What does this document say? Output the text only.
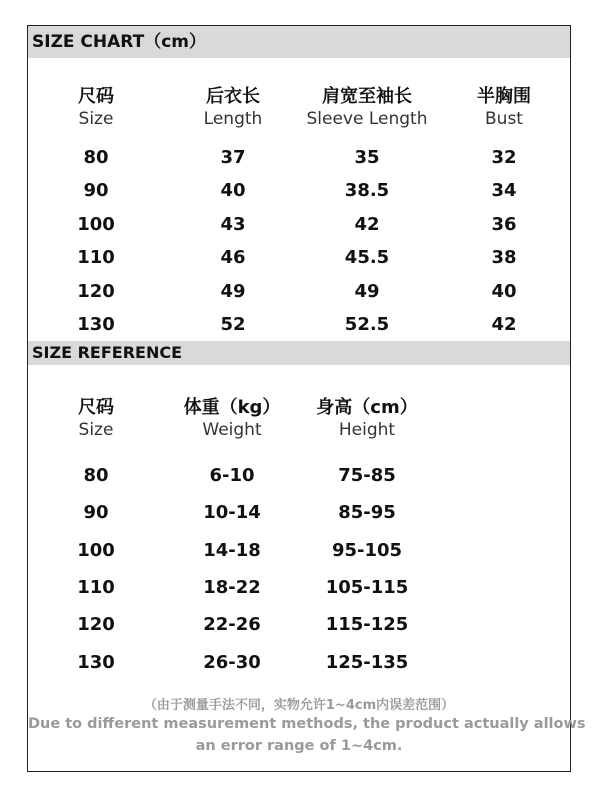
SIZE CHART（cm）
尺码	后衣长	肩宽至袖长	半胸围
Size	Length	Sleeve Length	Bust
80	37	35	32
90	40	38.5	34
100	43	42	36
110	46	45.5	38
120	49	49	40
130	52	52.5	42
SIZE REFERENCE
尺码	体重（kg） 身高（cm）
Size	Weight	Height
80	6-10	75-85
90	10-14	85-95
100	14-18	95-105
110	18-22	105-115
120	22-26	115-125
130	26-30	125-135
（由于测量手法不同，实物允许1~4cm内误差范围）
Due to different measurement methods, the product actually allows
an error range of 1~4cm.
